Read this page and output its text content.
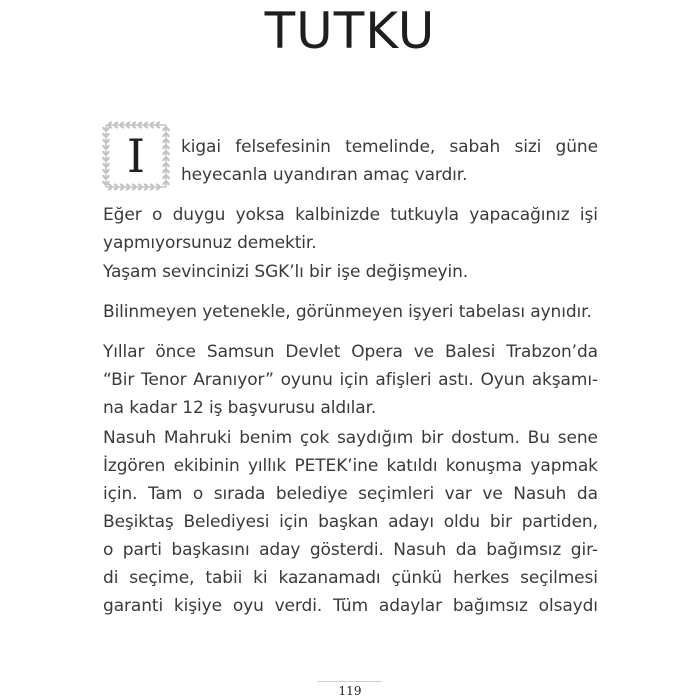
TUTKU
I	kigai felsefesinin temelinde, sabah sizi güne
heyecanla uyandıran amaç vardır.
Eğer o duygu yoksa kalbinizde tutkuyla yapacağınız işi
yapmıyorsunuz demektir.
Yaşam sevincinizi SGK’lı bir işe değişmeyin.
Bilinmeyen yetenekle, görünmeyen işyeri tabelası aynıdır.
Yıllar önce Samsun Devlet Opera ve Balesi Trabzon’da
“Bir Tenor Aranıyor” oyunu için afişleri astı. Oyun akşamı-
na kadar 12 iş başvurusu aldılar.
Nasuh Mahruki benim çok saydığım bir dostum. Bu sene
İzgören ekibinin yıllık PETEK’ine katıldı konuşma yapmak
için. Tam o sırada belediye seçimleri var ve Nasuh da
Beşiktaş Belediyesi için başkan adayı oldu bir partiden,
o parti başkasını aday gösterdi. Nasuh da bağımsız gir-
di seçime, tabii ki kazanamadı çünkü herkes seçilmesi
garanti kişiye oyu verdi. Tüm adaylar bağımsız olsaydı
119
